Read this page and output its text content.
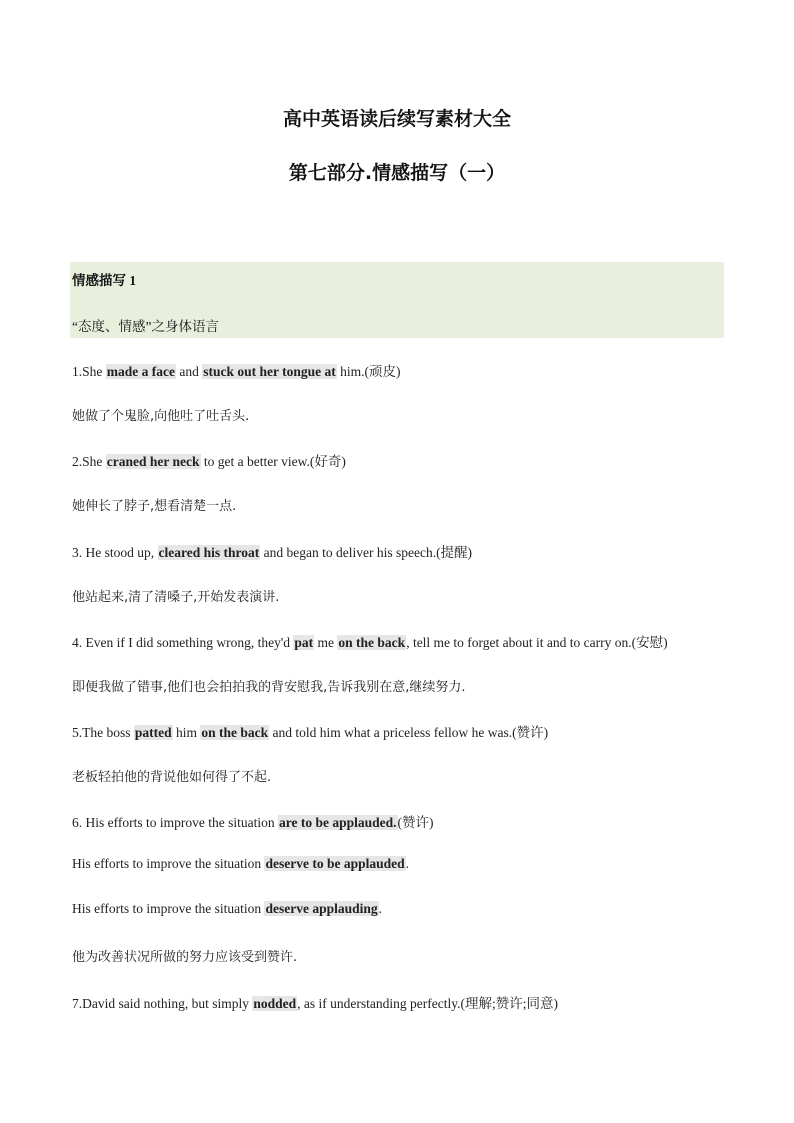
高中英语读后续写素材大全
第七部分.情感描写（一）
情感描写 1
“态度、情感”之身体语言
1.She made a face and stuck out her tongue at him.(顽皮)
她做了个鬼脸,向他吐了吐舌头.
2.She craned her neck to get a better view.(好奇)
她伸长了脖子,想看清楚一点.
3. He stood up, cleared his throat and began to deliver his speech.(提醒)
他站起来,清了清嗓子,开始发表演讲.
4. Even if I did something wrong, they'd pat me on the back, tell me to forget about it and to carry on.(安慰)
即便我做了错事,他们也会拍拍我的背安慰我,告诉我别在意,继续努力.
5.The boss patted him on the back and told him what a priceless fellow he was.(赞许)
老板轻拍他的背说他如何得了不起.
6. His efforts to improve the situation are to be applauded.(赞许)
His efforts to improve the situation deserve to be applauded.
His efforts to improve the situation deserve applauding.
他为改善状况所做的努力应该受到赞许.
7.David said nothing, but simply nodded, as if understanding perfectly.(理解;赞许;同意)
